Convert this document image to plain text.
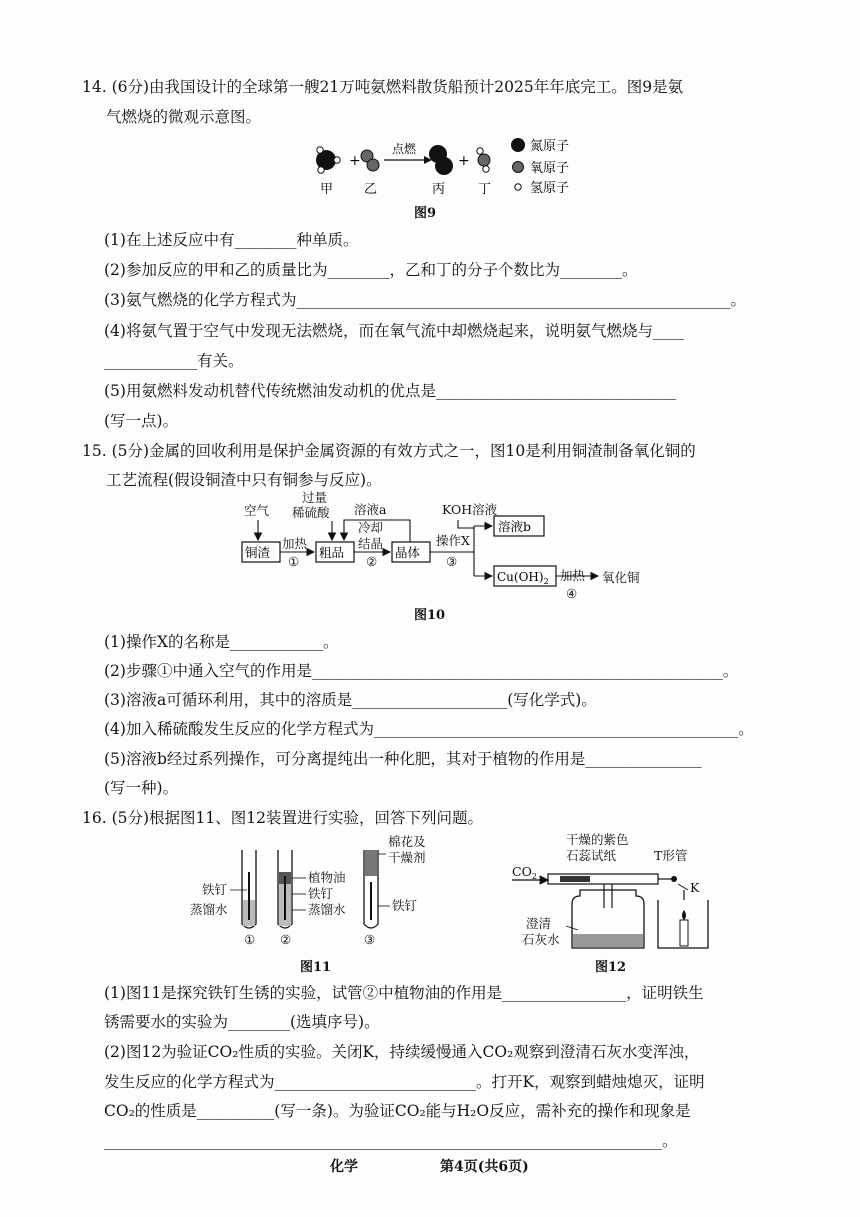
14. (6分)由我国设计的全球第一艘21万吨氨燃料散货船预计2025年年底完工。图9是氨
气燃烧的微观示意图。
+
点燃
+
甲 乙	丙	丁
氮原子
氧原子
氢原子
图9
(1)在上述反应中有________种单质。
(2)参加反应的甲和乙的质量比为________，乙和丁的分子个数比为________。
(3)氨气燃烧的化学方程式为________________________________________________________。
(4)将氨气置于空气中发现无法燃烧，而在氧气流中却燃烧起来，说明氨气燃烧与____
____________有关。
(5)用氨燃料发动机替代传统燃油发动机的优点是_______________________________
(写一点)。
15. (5分)金属的回收利用是保护金属资源的有效方式之一，图10是利用铜渣制备氧化铜的
工艺流程(假设铜渣中只有铜参与反应)。
空气
过量
稀硫酸 溶液a	KOH溶液
加热
①
冷却
结晶
②
操作X
③
加热
④
氧化铜
铜渣	粗品	晶体
溶液b
$Cu(OH)_2$
图10
(1)操作X的名称是____________。
(2)步骤①中通入空气的作用是_____________________________________________________。
(3)溶液a可循环利用，其中的溶质是____________________(写化学式)。
(4)加入稀硫酸发生反应的化学方程式为_______________________________________________。
(5)溶液b经过系列操作，可分离提纯出一种化肥，其对于植物的作用是_______________
(写一种)。
16. (5分)根据图11、图12装置进行实验，回答下列问题。
铁钉
蒸馏水
植物油
铁钉
蒸馏水
棉花及
干燥剂
铁钉
① ②	③
图11
干燥的紫色
石蕊试纸	T形管
$CO_2$
K
澄清
石灰水
图12
(1)图11是探究铁钉生锈的实验，试管②中植物油的作用是________________，证明铁生
锈需要水的实验为________(选填序号)。
(2)图12为验证CO₂性质的实验。关闭K，持续缓慢通入CO₂观察到澄清石灰水变浑浊，
发生反应的化学方程式为__________________________。打开K，观察到蜡烛熄灭，证明
CO₂的性质是__________(写一条)。为验证CO₂能与H₂O反应，需补充的操作和现象是
________________________________________________________________________。
化学	第4页(共6页)
